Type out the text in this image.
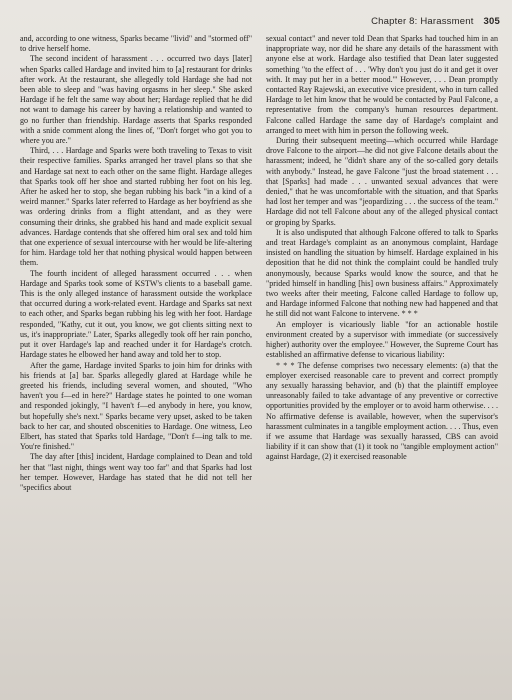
Chapter 8: Harassment 305

and, according to one witness, Sparks became "livid" and "stormed off" to drive herself home.

The second incident of harassment . . . occurred two days [later] when Sparks called Hardage and invited him to [a] restaurant for drinks after work. At the restaurant, she allegedly told Hardage she had not been able to sleep and "was having orgasms in her sleep." She asked Hardage if he felt the same way about her; Hardage replied that he did not want to damage his career by having a relationship and wanted to go no further than friendship. Hardage asserts that Sparks responded with a snide comment along the lines of, "Don't forget who got you to where you are."

Third, . . . Hardage and Sparks were both traveling to Texas to visit their respective families. Sparks arranged her travel plans so that she and Hardage sat next to each other on the same flight. Hardage alleges that Sparks took off her shoe and started rubbing her foot on his leg. After he asked her to stop, she began rubbing his back "in a kind of a weird manner." Sparks later referred to Hardage as her boyfriend as she was ordering drinks from a flight attendant, and as they were consuming their drinks, she grabbed his hand and made explicit sexual advances. Hardage contends that she offered him oral sex and told him that one experience of sexual intercourse with her would be life-altering for him. Hardage told her that nothing physical would happen between them.

The fourth incident of alleged harassment occurred . . . when Hardage and Sparks took some of KSTW's clients to a baseball game. This is the only alleged instance of harassment outside the workplace that occurred during a work-related event. Hardage and Sparks sat next to each other, and Sparks began rubbing his leg with her foot. Hardage responded, "Kathy, cut it out, you know, we got clients sitting next to us, it's inappropriate." Later, Sparks allegedly took off her rain poncho, put it over Hardage's lap and reached under it for Hardage's crotch. Hardage states he elbowed her hand away and told her to stop.

After the game, Hardage invited Sparks to join him for drinks with his friends at [a] bar. Sparks allegedly glared at Hardage while he greeted his friends, including several women, and shouted, "Who haven't you f—ed in here?" Hardage states he pointed to one woman and responded jokingly, "I haven't f—ed anybody in here, you know, but hopefully she's next." Sparks became very upset, asked to be taken back to her car, and shouted obscenities to Hardage. One witness, Leo Elbert, has stated that Sparks told Hardage, "Don't f—ing talk to me. You're finished."

The day after [this] incident, Hardage complained to Dean and told her that "last night, things went way too far" and that Sparks had lost her temper. However, Hardage has stated that he did not tell her "specifics about

sexual contact" and never told Dean that Sparks had touched him in an inappropriate way, nor did he share any details of the harassment with anyone else at work. Hardage also testified that Dean later suggested something "to the effect of . . . 'Why don't you just do it and get it over with. It may put her in a better mood.'" However, . . . Dean promptly contacted Ray Rajewski, an executive vice president, who in turn called Hardage to let him know that he would be contacted by Paul Falcone, a representative from the company's human resources department. Falcone called Hardage the same day of Hardage's complaint and arranged to meet with him in person the following week.

During their subsequent meeting—which occurred while Hardage drove Falcone to the airport—he did not give Falcone details about the harassment; indeed, he "didn't share any of the so-called gory details with anybody." Instead, he gave Falcone "just the broad statement . . . that [Sparks] had made . . . unwanted sexual advances that were denied," that he was uncomfortable with the situation, and that Sparks had lost her temper and was "jeopardizing . . . the success of the team." Hardage did not tell Falcone about any of the alleged physical contact or groping by Sparks.

It is also undisputed that although Falcone offered to talk to Sparks and treat Hardage's complaint as an anonymous complaint, Hardage insisted on handling the situation by himself. Hardage explained in his deposition that he did not think the complaint could be handled truly anonymously, because Sparks would know the source, and that he "prided himself in handling [his] own business affairs." Approximately two weeks after their meeting, Falcone called Hardage to follow up, and Hardage informed Falcone that nothing new had happened and that he still did not want Falcone to intervene. * * *

An employer is vicariously liable "for an actionable hostile environment created by a supervisor with immediate (or successively higher) authority over the employee." However, the Supreme Court has established an affirmative defense to vicarious liability:

* * * The defense comprises two necessary elements: (a) that the employer exercised reasonable care to prevent and correct promptly any sexually harassing behavior, and (b) that the plaintiff employee unreasonably failed to take advantage of any preventive or corrective opportunities provided by the employer or to avoid harm otherwise. . . . No affirmative defense is available, however, when the supervisor's harassment culminates in a tangible employment action. . . . Thus, even if we assume that Hardage was sexually harassed, CBS can avoid liability if it can show that (1) it took no "tangible employment action" against Hardage, (2) it exercised reasonable
